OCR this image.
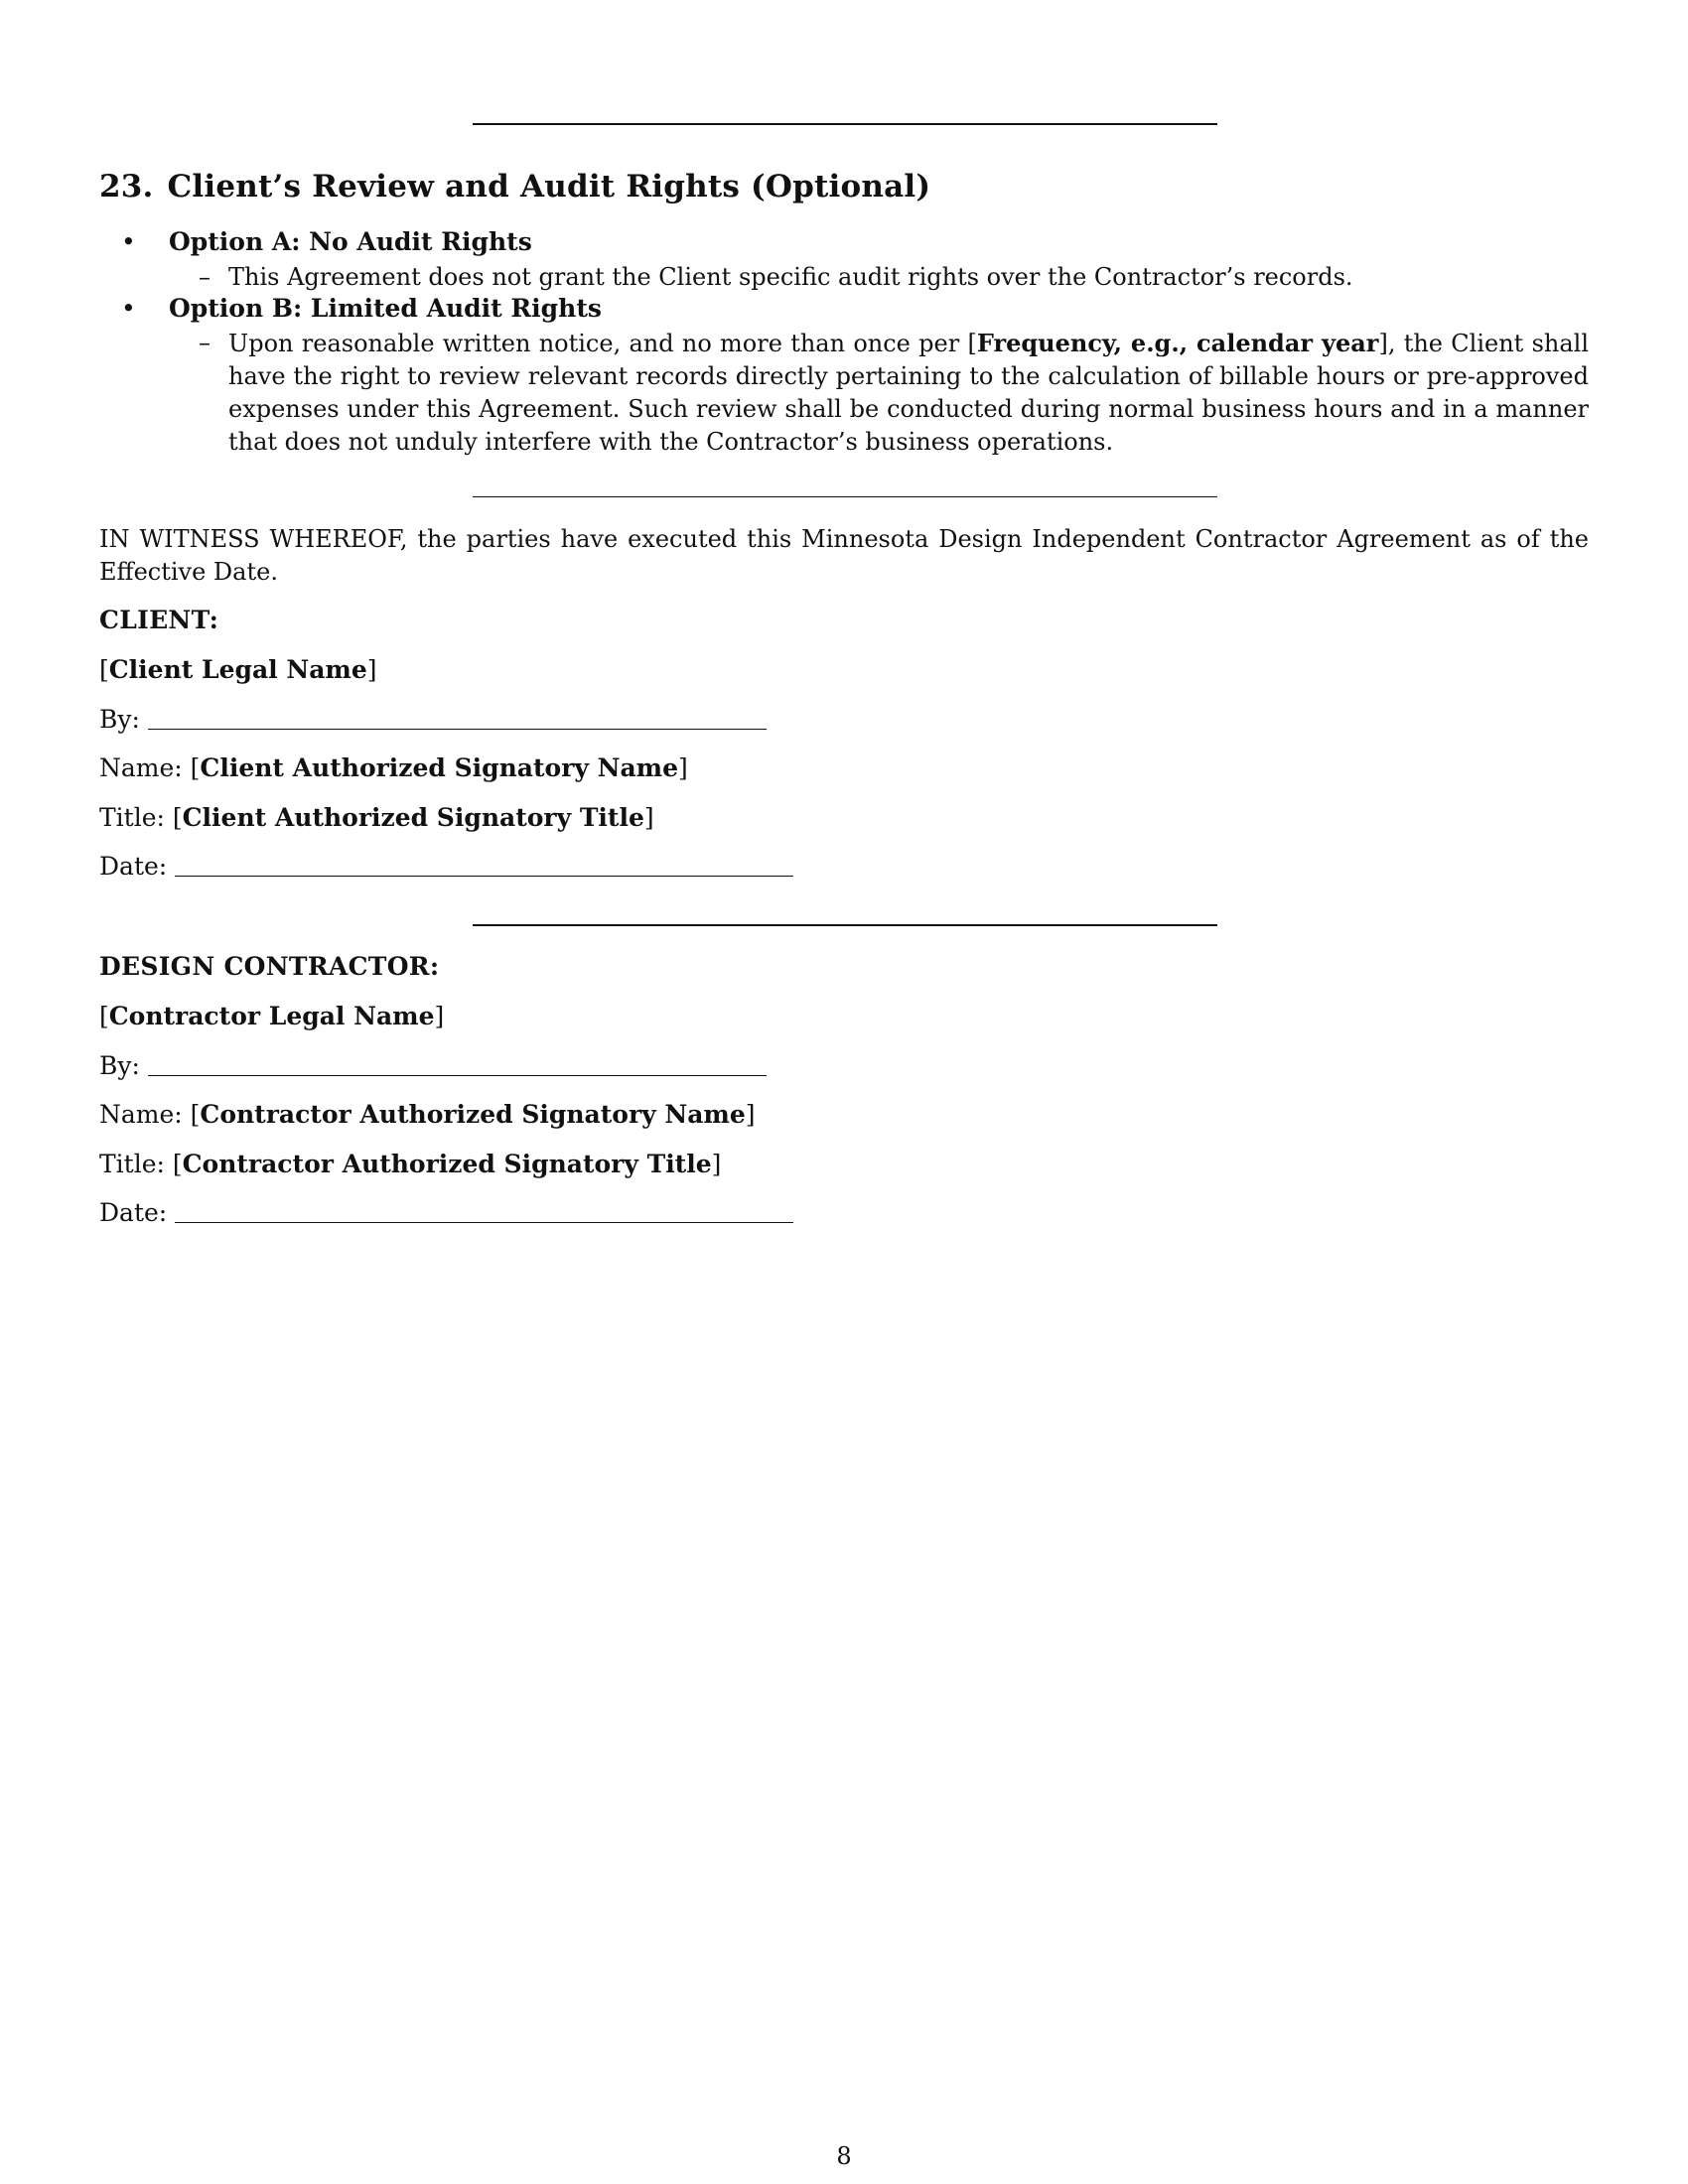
23. Client’s Review and Audit Rights (Optional)
• Option A: No Audit Rights
– This Agreement does not grant the Client specific audit rights over the Contractor’s records.
• Option B: Limited Audit Rights
– Upon reasonable written notice, and no more than once per [Frequency, e.g., calendar year], the Client shall have the right to review relevant records directly pertaining to the calculation of billable hours or pre-approved expenses under this Agreement. Such review shall be conducted during normal business hours and in a manner that does not unduly interfere with the Contractor’s business operations.
IN WITNESS WHEREOF, the parties have executed this Minnesota Design Independent Contractor Agreement as of the Effective Date.
CLIENT:
[Client Legal Name]
By:
Name: [Client Authorized Signatory Name]
Title: [Client Authorized Signatory Title]
Date:
DESIGN CONTRACTOR:
[Contractor Legal Name]
By:
Name: [Contractor Authorized Signatory Name]
Title: [Contractor Authorized Signatory Title]
Date:
8
